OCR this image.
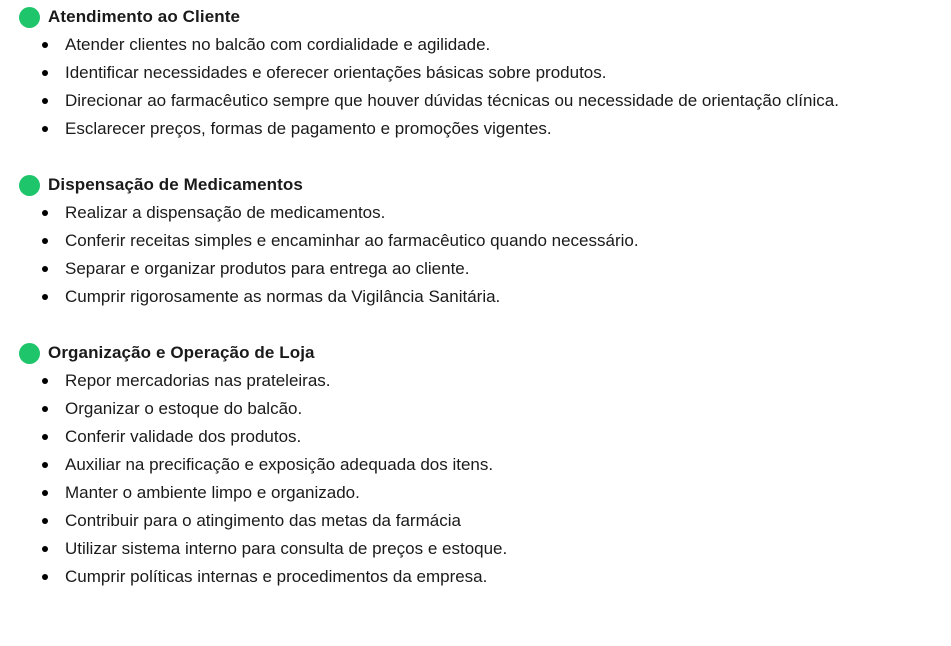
Atendimento ao Cliente
Atender clientes no balcão com cordialidade e agilidade.
Identificar necessidades e oferecer orientações básicas sobre produtos.
Direcionar ao farmacêutico sempre que houver dúvidas técnicas ou necessidade de orientação clínica.
Esclarecer preços, formas de pagamento e promoções vigentes.
Dispensação de Medicamentos
Realizar a dispensação de medicamentos.
Conferir receitas simples e encaminhar ao farmacêutico quando necessário.
Separar e organizar produtos para entrega ao cliente.
Cumprir rigorosamente as normas da Vigilância Sanitária.
Organização e Operação de Loja
Repor mercadorias nas prateleiras.
Organizar o estoque do balcão.
Conferir validade dos produtos.
Auxiliar na precificação e exposição adequada dos itens.
Manter o ambiente limpo e organizado.
Contribuir para o atingimento das metas da farmácia
Utilizar sistema interno para consulta de preços e estoque.
Cumprir políticas internas e procedimentos da empresa.
